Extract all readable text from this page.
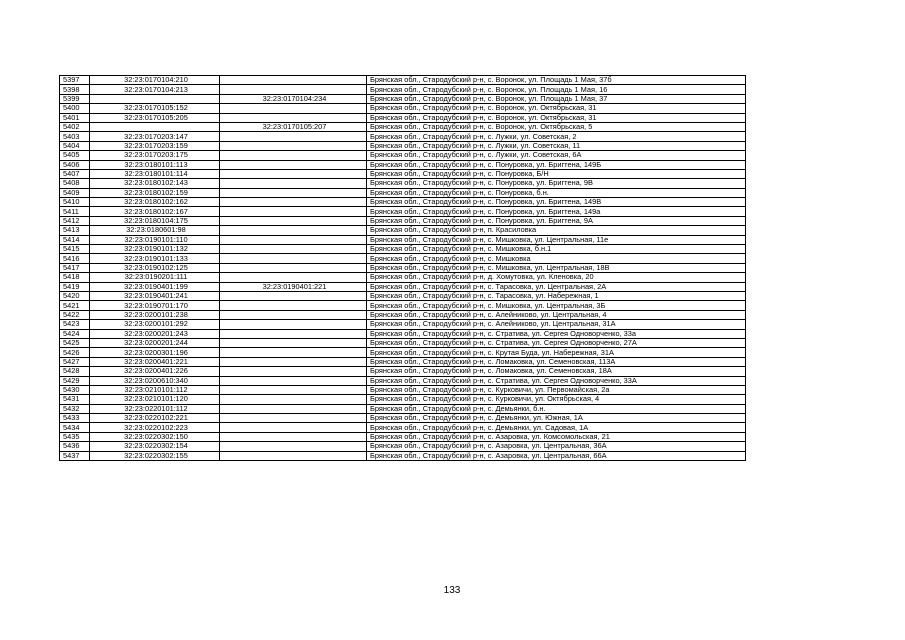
5397	32:23:0170104:210		Брянская обл., Стародубский р-н, с. Воронок, ул. Площадь 1 Мая, 37б
5398	32:23:0170104:213		Брянская обл., Стародубский р-н, с. Воронок, ул. Площадь 1 Мая, 16
5399		32:23:0170104:234	Брянская обл., Стародубский р-н, с. Воронок, ул. Площадь 1 Мая, 37
5400	32:23:0170105:152		Брянская обл., Стародубский р-н, с. Воронок, ул. Октябрьская, 31
5401	32:23:0170105:205		Брянская обл., Стародубский р-н, с. Воронок, ул. Октябрьская, 31
5402		32:23:0170105:207	Брянская обл., Стародубский р-н, с. Воронок, ул. Октябрьская, 5
5403	32:23:0170203:147		Брянская обл., Стародубский р-н, с. Лужки, ул. Советская, 2
5404	32:23:0170203:159		Брянская обл., Стародубский р-н, с. Лужки, ул. Советская, 11
5405	32:23:0170203:175		Брянская обл., Стародубский р-н, с. Лужки, ул. Советская, 6А
5406	32:23:0180101:113		Брянская обл., Стародубский р-н, с. Понуровка, ул. Бригтена, 149Б
5407	32:23:0180101:114		Брянская обл., Стародубский р-н, с. Понуровка, Б/Н
5408	32:23:0180102:143		Брянская обл., Стародубский р-н, с. Понуровка, ул. Бригтена, 9В
5409	32:23:0180102:159		Брянская обл., Стародубский р-н, с. Понуровка, б.н.
5410	32:23:0180102:162		Брянская обл., Стародубский р-н, с. Понуровка, ул. Бригтена, 149В
5411	32:23:0180102:167		Брянская обл., Стародубский р-н, с. Понуровка, ул. Бригтена, 149а
5412	32:23:0180104:175		Брянская обл., Стародубский р-н, с. Понуровка, ул. Бригтена, 9А
5413	32:23:0180601:98		Брянская обл., Стародубский р-н, п. Красиловка
5414	32:23:0190101:110		Брянская обл., Стародубский р-н, с. Мишковка, ул. Центральная, 11е
5415	32:23:0190101:132		Брянская обл., Стародубский р-н, с. Мишковка, б.н.1
5416	32:23:0190101:133		Брянская обл., Стародубский р-н, с. Мишковка
5417	32:23:0190102:125		Брянская обл., Стародубский р-н, с. Мишковка, ул. Центральная, 18В
5418	32:23:0190201:111		Брянская обл., Стародубский р-н, д. Хомутовка, ул. Кленовка, 20
5419	32:23:0190401:199	32:23:0190401:221	Брянская обл., Стародубский р-н, с. Тарасовка, ул. Центральная, 2А
5420	32:23:0190401:241		Брянская обл., Стародубский р-н, с. Тарасовка, ул. Набережная, 1
5421	32:23:0190701:170		Брянская обл., Стародубский р-н, с. Мишковка, ул. Центральная, 3Б
5422	32:23:0200101:238		Брянская обл., Стародубский р-н, с. Алейниково, ул. Центральная, 4
5423	32:23:0200101:292		Брянская обл., Стародубский р-н, с. Алейниково, ул. Центральная, 31А
5424	32:23:0200201:243		Брянская обл., Стародубский р-н, с. Стратива, ул. Сергея Одноворченко, 33а
5425	32:23:0200201:244		Брянская обл., Стародубский р-н, с. Стратива, ул. Сергея Одноворченко, 27А
5426	32:23:0200301:196		Брянская обл., Стародубский р-н, с. Крутая Буда, ул. Набережная, 31А
5427	32:23:0200401:221		Брянская обл., Стародубский р-н, с. Ломаковка, ул. Семеновская, 113А
5428	32:23:0200401:226		Брянская обл., Стародубский р-н, с. Ломаковка, ул. Семеновская, 18А
5429	32:23:0200610:340		Брянская обл., Стародубский р-н, с. Стратива, ул. Сергея Одноворченко, 33А
5430	32:23:0210101:112		Брянская обл., Стародубский р-н, с. Курковичи, ул. Первомайская, 2а
5431	32:23:0210101:120		Брянская обл., Стародубский р-н, с. Курковичи, ул. Октябрьская, 4
5432	32:23:0220101:112		Брянская обл., Стародубский р-н, с. Демьянки, б.н.
5433	32:23:0220102:221		Брянская обл., Стародубский р-н, с. Демьянки, ул. Южная, 1А
5434	32:23:0220102:223		Брянская обл., Стародубский р-н, с. Демьянки, ул. Садовая, 1А
5435	32:23:0220302:150		Брянская обл., Стародубский р-н, с. Азаровка, ул. Комсомольская, 21
5436	32:23:0220302:154		Брянская обл., Стародубский р-н, с. Азаровка, ул. Центральная, 36А
5437	32:23:0220302:155		Брянская обл., Стародубский р-н, с. Азаровка, ул. Центральная, 66А
133
